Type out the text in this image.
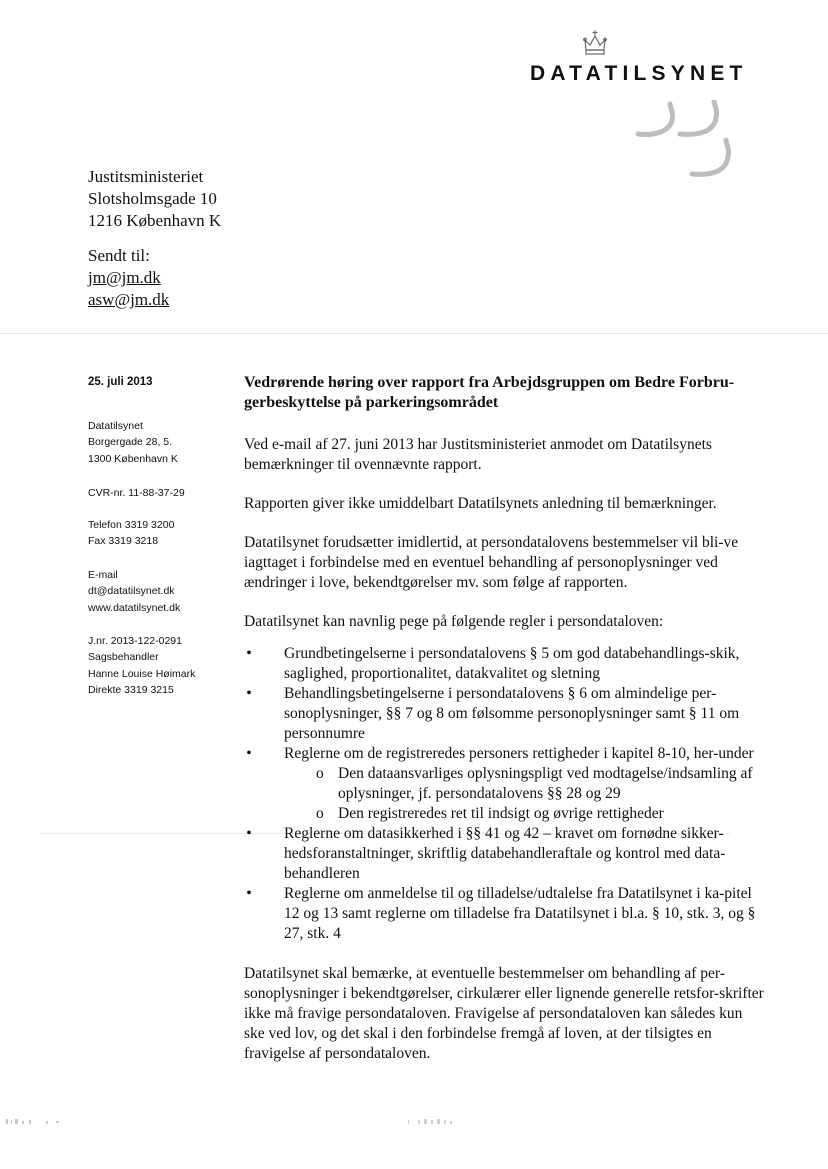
DATATILSYNET
Justitsministeriet
Slotsholmsgade 10
1216 København K
Sendt til:
jm@jm.dk
asw@jm.dk
25. juli 2013
Datatilsynet
Borgergade 28, 5.
1300 København K
CVR-nr. 11-88-37-29
Telefon 3319 3200
Fax 3319 3218
E-mail
dt@datatilsynet.dk
www.datatilsynet.dk
J.nr. 2013-122-0291
Sagsbehandler
Hanne Louise Høimark
Direkte 3319 3215

Vedrørende høring over rapport fra Arbejdsgruppen om Bedre Forbru-gerbeskyttelse på parkeringsområdet

Ved e-mail af 27. juni 2013 har Justitsministeriet anmodet om Datatilsynets bemærkninger til ovennævnte rapport.

Rapporten giver ikke umiddelbart Datatilsynets anledning til bemærkninger.

Datatilsynet forudsætter imidlertid, at persondatalovens bestemmelser vil bli-ve iagttaget i forbindelse med en eventuel behandling af personoplysninger ved ændringer i love, bekendtgørelser mv. som følge af rapporten.

Datatilsynet kan navnlig pege på følgende regler i persondataloven:

• Grundbetingelserne i persondatalovens § 5 om god databehandlings-skik, saglighed, proportionalitet, datakvalitet og sletning
• Behandlingsbetingelserne i persondatalovens § 6 om almindelige per-sonoplysninger, §§ 7 og 8 om følsomme personoplysninger samt § 11 om personnumre
• Reglerne om de registreredes personers rettigheder i kapitel 8-10, her-under
o Den dataansvarliges oplysningspligt ved modtagelse/indsamling af oplysninger, jf. persondatalovens §§ 28 og 29
o Den registreredes ret til indsigt og øvrige rettigheder
• Reglerne om datasikkerhed i §§ 41 og 42 – kravet om fornødne sikker-hedsforanstaltninger, skriftlig databehandleraftale og kontrol med data-behandleren
• Reglerne om anmeldelse til og tilladelse/udtalelse fra Datatilsynet i ka-pitel 12 og 13 samt reglerne om tilladelse fra Datatilsynet i bl.a. § 10, stk. 3, og § 27, stk. 4

Datatilsynet skal bemærke, at eventuelle bestemmelser om behandling af per-sonoplysninger i bekendtgørelser, cirkulærer eller lignende generelle retsfor-skrifter ikke må fravige persondataloven. Fravigelse af persondataloven kan således kun ske ved lov, og det skal i den forbindelse fremgå af loven, at der tilsigtes en fravigelse af persondataloven.
